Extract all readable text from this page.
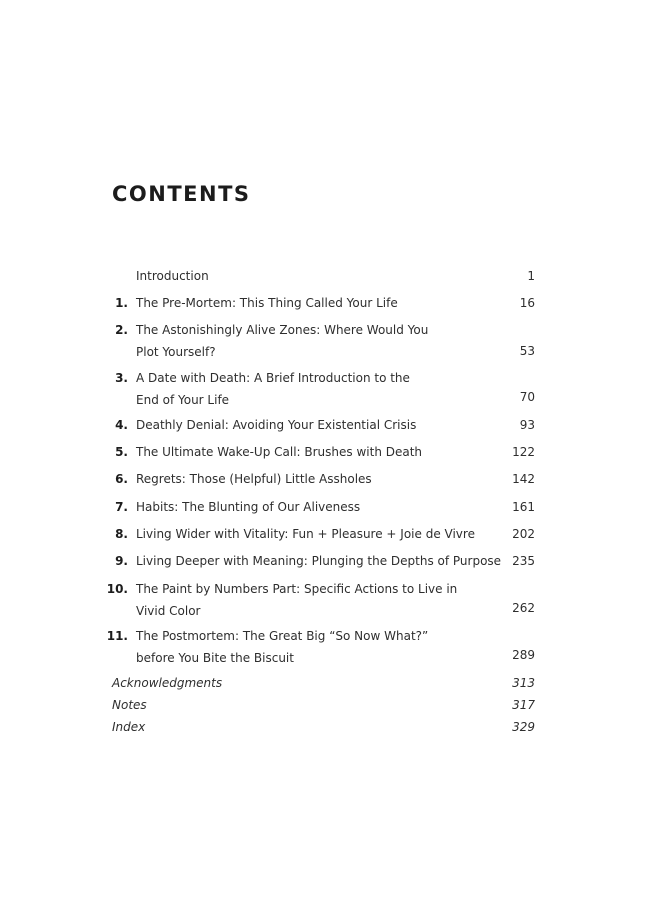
CONTENTS
Introduction	1
1. The Pre-Mortem: This Thing Called Your Life	16
2. The Astonishingly Alive Zones: Where Would You
Plot Yourself?	53
3. A Date with Death: A Brief Introduction to the
End of Your Life	70
4. Deathly Denial: Avoiding Your Existential Crisis	93
5. The Ultimate Wake-Up Call: Brushes with Death	122
6. Regrets: Those (Helpful) Little Assholes	142
7. Habits: The Blunting of Our Aliveness	161
8. Living Wider with Vitality: Fun + Pleasure + Joie de Vivre	202
9. Living Deeper with Meaning: Plunging the Depths of Purpose 235
10. The Paint by Numbers Part: Specific Actions to Live in
Vivid Color	262
11. The Postmortem: The Great Big “So Now What?”
before You Bite the Biscuit	289
Acknowledgments	313
Notes	317
Index	329
